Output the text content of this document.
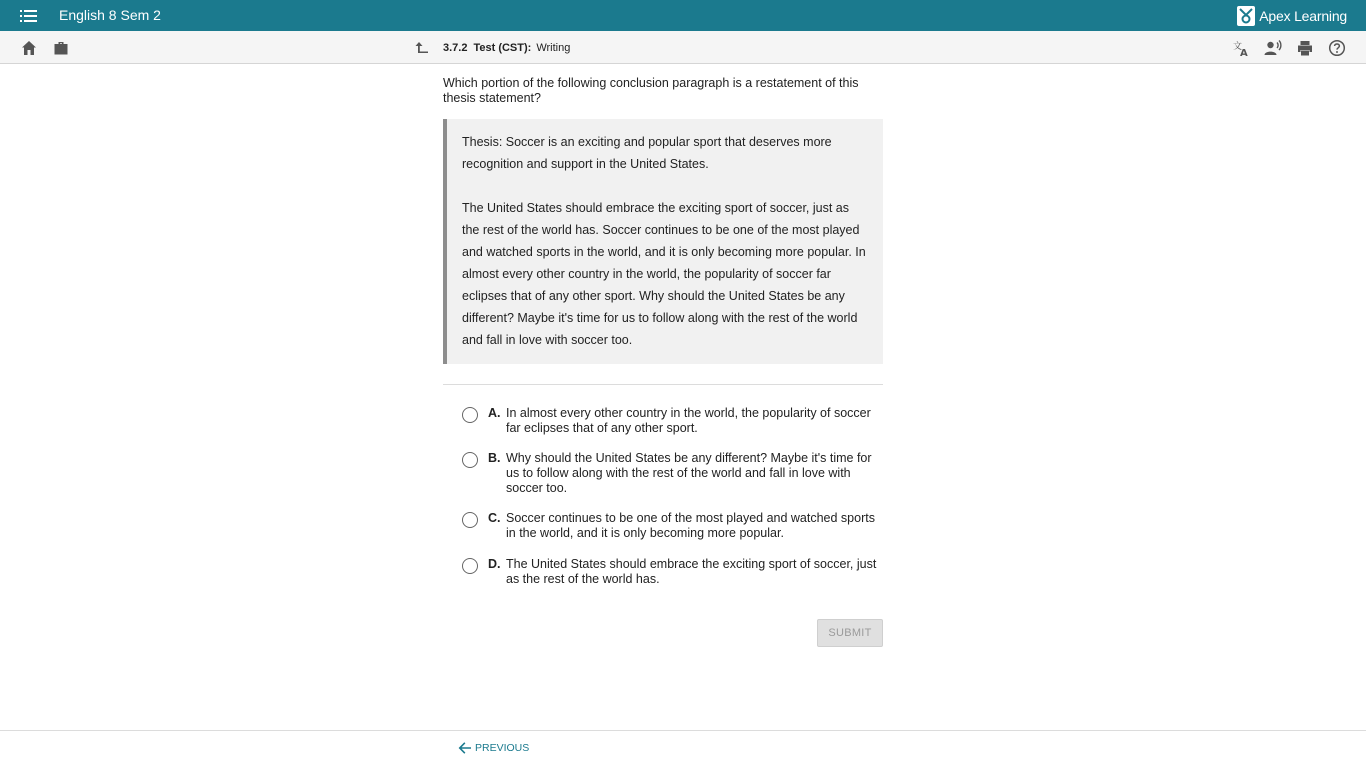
English 8 Sem 2	Apex Learning
3.7.2 Test (CST): Writing	文
A
Which portion of the following conclusion paragraph is a restatement of this thesis statement?

Thesis: Soccer is an exciting and popular sport that deserves more recognition and support in the United States.

The United States should embrace the exciting sport of soccer, just as the rest of the world has. Soccer continues to be one of the most played and watched sports in the world, and it is only becoming more popular. In almost every other country in the world, the popularity of soccer far eclipses that of any other sport. Why should the United States be any different? Maybe it's time for us to follow along with the rest of the world and fall in love with soccer too.

A. In almost every other country in the world, the popularity of soccer far eclipses that of any other sport.
B. Why should the United States be any different? Maybe it's time for us to follow along with the rest of the world and fall in love with soccer too.
C. Soccer continues to be one of the most played and watched sports in the world, and it is only becoming more popular.
D. The United States should embrace the exciting sport of soccer, just as the rest of the world has.
SUBMIT
PREVIOUS
